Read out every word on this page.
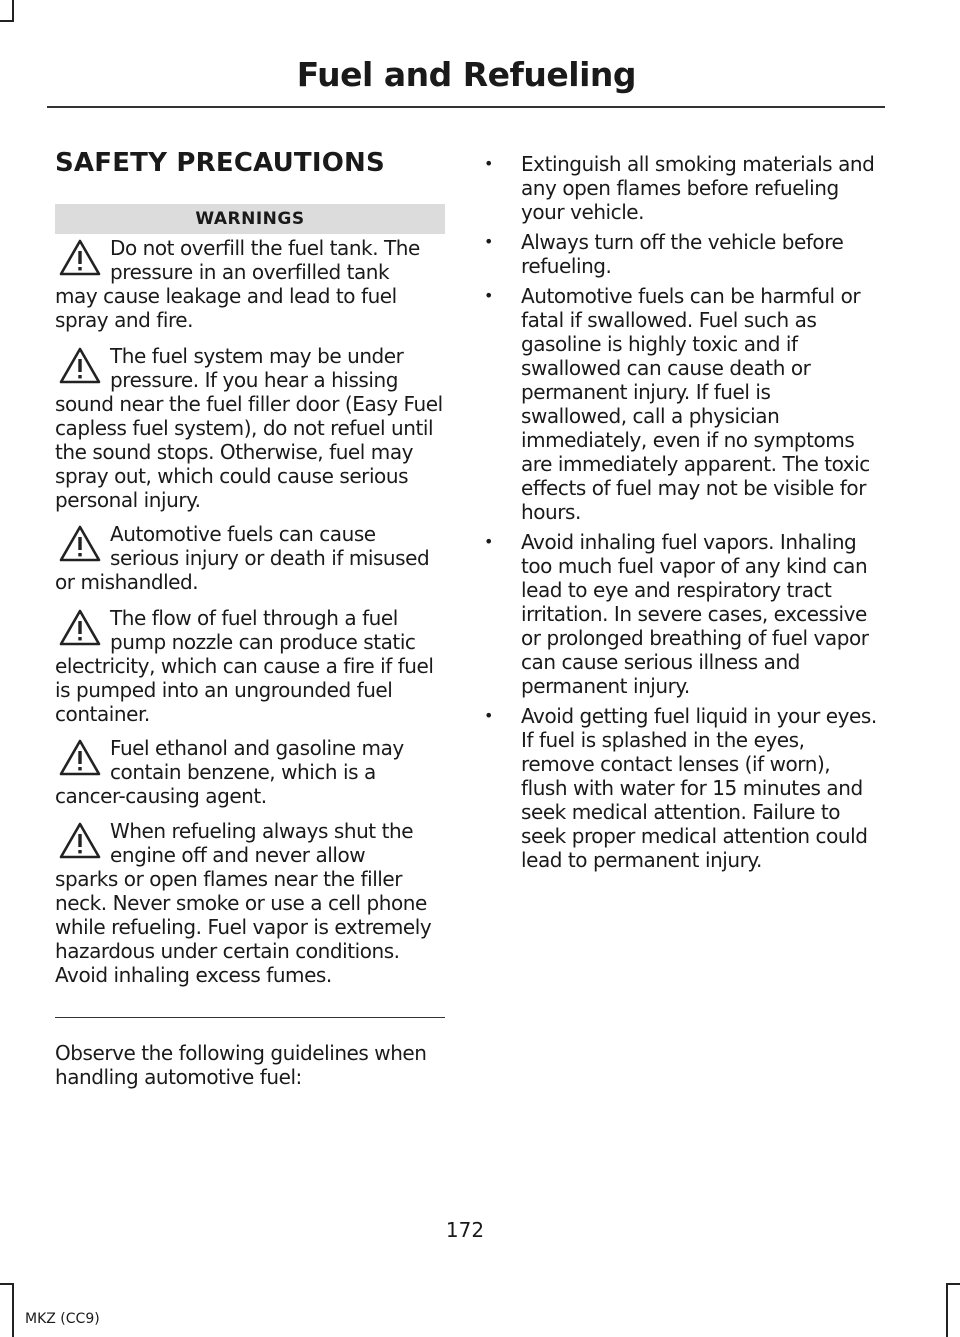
Fuel and Refueling
SAFETY PRECAUTIONS
WARNINGS
Do not overfill the fuel tank. The pressure in an overfilled tank
may cause leakage and lead to fuel spray and fire.
The fuel system may be under pressure. If you hear a hissing
sound near the fuel filler door (Easy Fuel capless fuel system), do not refuel until the sound stops. Otherwise, fuel may spray out, which could cause serious personal injury.
Automotive fuels can cause serious injury or death if misused
or mishandled.
The flow of fuel through a fuel pump nozzle can produce static
electricity, which can cause a fire if fuel is pumped into an ungrounded fuel container.
Fuel ethanol and gasoline may contain benzene, which is a
cancer-causing agent.
When refueling always shut the engine off and never allow
sparks or open flames near the filler neck. Never smoke or use a cell phone while refueling. Fuel vapor is extremely hazardous under certain conditions. Avoid inhaling excess fumes.
Observe the following guidelines when handling automotive fuel:
• Extinguish all smoking materials and any open flames before refueling your vehicle.
• Always turn off the vehicle before refueling.
• Automotive fuels can be harmful or fatal if swallowed. Fuel such as gasoline is highly toxic and if swallowed can cause death or permanent injury. If fuel is swallowed, call a physician immediately, even if no symptoms are immediately apparent. The toxic effects of fuel may not be visible for hours.
• Avoid inhaling fuel vapors. Inhaling too much fuel vapor of any kind can lead to eye and respiratory tract irritation. In severe cases, excessive or prolonged breathing of fuel vapor can cause serious illness and permanent injury.
• Avoid getting fuel liquid in your eyes. If fuel is splashed in the eyes, remove contact lenses (if worn), flush with water for 15 minutes and seek medical attention. Failure to seek proper medical attention could lead to permanent injury.
172
MKZ (CC9)
